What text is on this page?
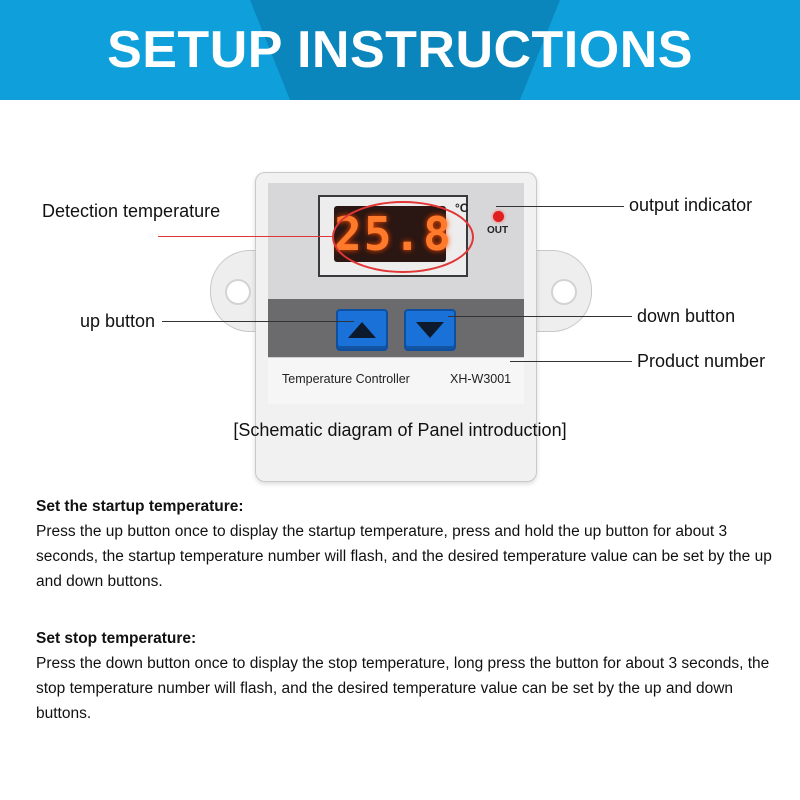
SETUP INSTRUCTIONS
25.8 °C
OUT
Temperature Controller	XH-W3001
Detection temperature	output indicator
up button	down button
Product number
[Schematic diagram of Panel introduction]
Set the startup temperature:

Press the up button once to display the startup temperature, press and hold the up button for about 3 seconds, the startup temperature number will flash, and the desired temperature value can be set by the up and down buttons.

Set stop temperature:

Press the down button once to display the stop temperature, long press the button for about 3 seconds, the stop temperature number will flash, and the desired temperature value can be set by the up and down buttons.
